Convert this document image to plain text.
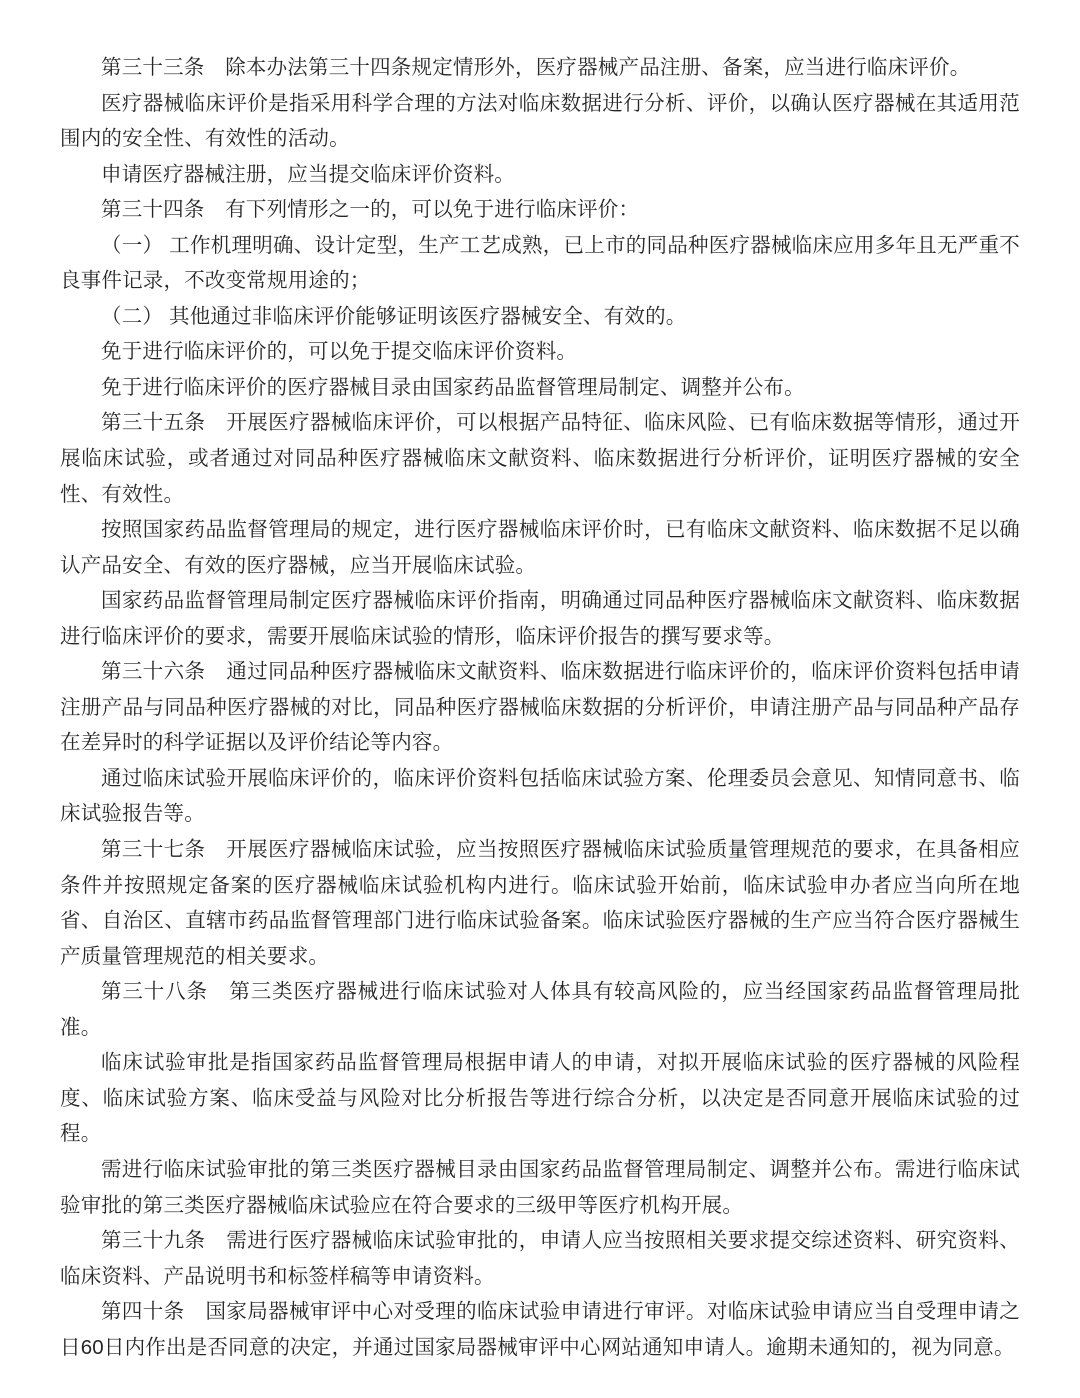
第三十三条　除本办法第三十四条规定情形外，医疗器械产品注册、备案，应当进行临床评价。

医疗器械临床评价是指采用科学合理的方法对临床数据进行分析、评价，以确认医疗器械在其适用范围内的安全性、有效性的活动。

申请医疗器械注册，应当提交临床评价资料。

第三十四条　有下列情形之一的，可以免于进行临床评价：

（一） 工作机理明确、设计定型，生产工艺成熟，已上市的同品种医疗器械临床应用多年且无严重不良事件记录，不改变常规用途的；

（二） 其他通过非临床评价能够证明该医疗器械安全、有效的。

免于进行临床评价的，可以免于提交临床评价资料。

免于进行临床评价的医疗器械目录由国家药品监督管理局制定、调整并公布。

第三十五条　开展医疗器械临床评价，可以根据产品特征、临床风险、已有临床数据等情形，通过开展临床试验，或者通过对同品种医疗器械临床文献资料、临床数据进行分析评价，证明医疗器械的安全性、有效性。

按照国家药品监督管理局的规定，进行医疗器械临床评价时，已有临床文献资料、临床数据不足以确认产品安全、有效的医疗器械，应当开展临床试验。

国家药品监督管理局制定医疗器械临床评价指南，明确通过同品种医疗器械临床文献资料、临床数据进行临床评价的要求，需要开展临床试验的情形，临床评价报告的撰写要求等。

第三十六条　通过同品种医疗器械临床文献资料、临床数据进行临床评价的，临床评价资料包括申请注册产品与同品种医疗器械的对比，同品种医疗器械临床数据的分析评价，申请注册产品与同品种产品存在差异时的科学证据以及评价结论等内容。

通过临床试验开展临床评价的，临床评价资料包括临床试验方案、伦理委员会意见、知情同意书、临床试验报告等。

第三十七条　开展医疗器械临床试验，应当按照医疗器械临床试验质量管理规范的要求，在具备相应条件并按照规定备案的医疗器械临床试验机构内进行。临床试验开始前，临床试验申办者应当向所在地省、自治区、直辖市药品监督管理部门进行临床试验备案。临床试验医疗器械的生产应当符合医疗器械生产质量管理规范的相关要求。

第三十八条　第三类医疗器械进行临床试验对人体具有较高风险的，应当经国家药品监督管理局批准。

临床试验审批是指国家药品监督管理局根据申请人的申请，对拟开展临床试验的医疗器械的风险程度、临床试验方案、临床受益与风险对比分析报告等进行综合分析，以决定是否同意开展临床试验的过程。

需进行临床试验审批的第三类医疗器械目录由国家药品监督管理局制定、调整并公布。需进行临床试验审批的第三类医疗器械临床试验应在符合要求的三级甲等医疗机构开展。

第三十九条　需进行医疗器械临床试验审批的，申请人应当按照相关要求提交综述资料、研究资料、临床资料、产品说明书和标签样稿等申请资料。

第四十条　国家局器械审评中心对受理的临床试验申请进行审评。对临床试验申请应当自受理申请之日60日内作出是否同意的决定，并通过国家局器械审评中心网站通知申请人。逾期未通知的，视为同意。
